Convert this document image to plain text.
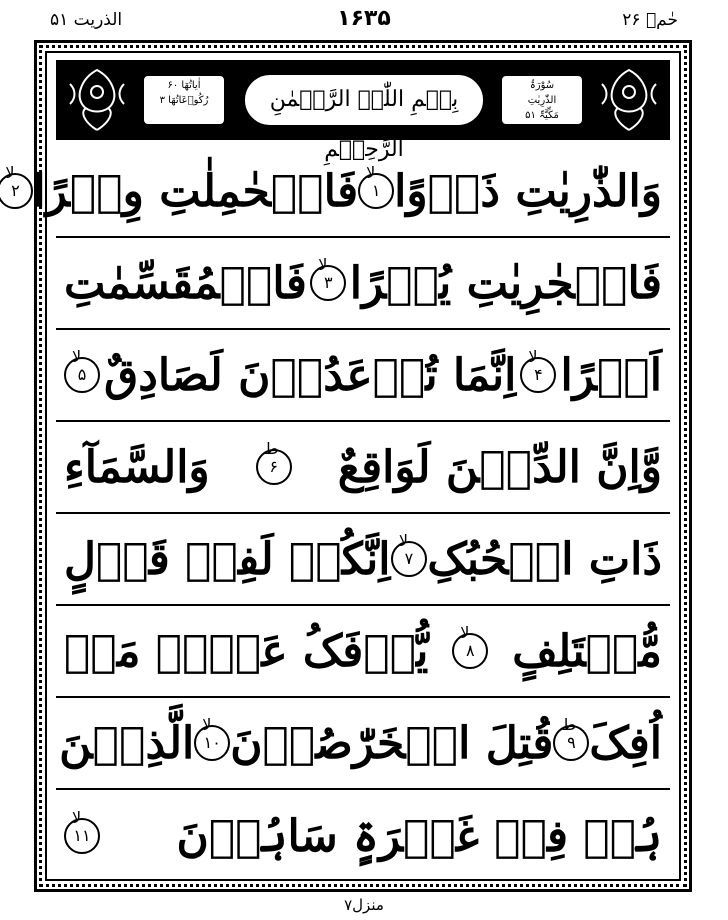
الذریت ۵۱	۱۶۳۵	حٰمۤ ۲۶
اٰیاتُھَا ۶۰
رُکُوۡعَاتُھَا ۳	بِسۡمِ اللّٰہِ الرَّحۡمٰنِ الرَّحِیۡمِ
سُوْرَۃُ
الذّٰرِیٰتِ
مَکِّیَّۃٌ ۵۱
وَالذّٰرِیٰتِ ذَرۡوًا
۱
لا
فَالۡحٰمِلٰتِ وِقۡرًا
۲
لا
فَالۡجٰرِیٰتِ یُسۡرًا
۳
لا
فَالۡمُقَسِّمٰتِ
اَمۡرًا
۴
لا
اِنَّمَا تُوۡعَدُوۡنَ لَصَادِقٌ
۵
لا
وَّاِنَّ الدِّیۡنَ لَوَاقِعٌ
۶
ط
وَالسَّمَآءِ
ذَاتِ الۡحُبُکِ
۷
لا
اِنَّکُمۡ لَفِیۡ قَوۡلٍ
مُّخۡتَلِفٍ
۸
لا
یُّؤۡفَکُ عَنۡہُ مَنۡ
اُفِکَ
۹
ط
قُتِلَ الۡخَرّٰصُوۡنَ
۱۰
لا
الَّذِیۡنَ
ہُمۡ فِیۡ غَمۡرَۃٍ سَاہُوۡنَ
۱۱
لا
منزل۷
